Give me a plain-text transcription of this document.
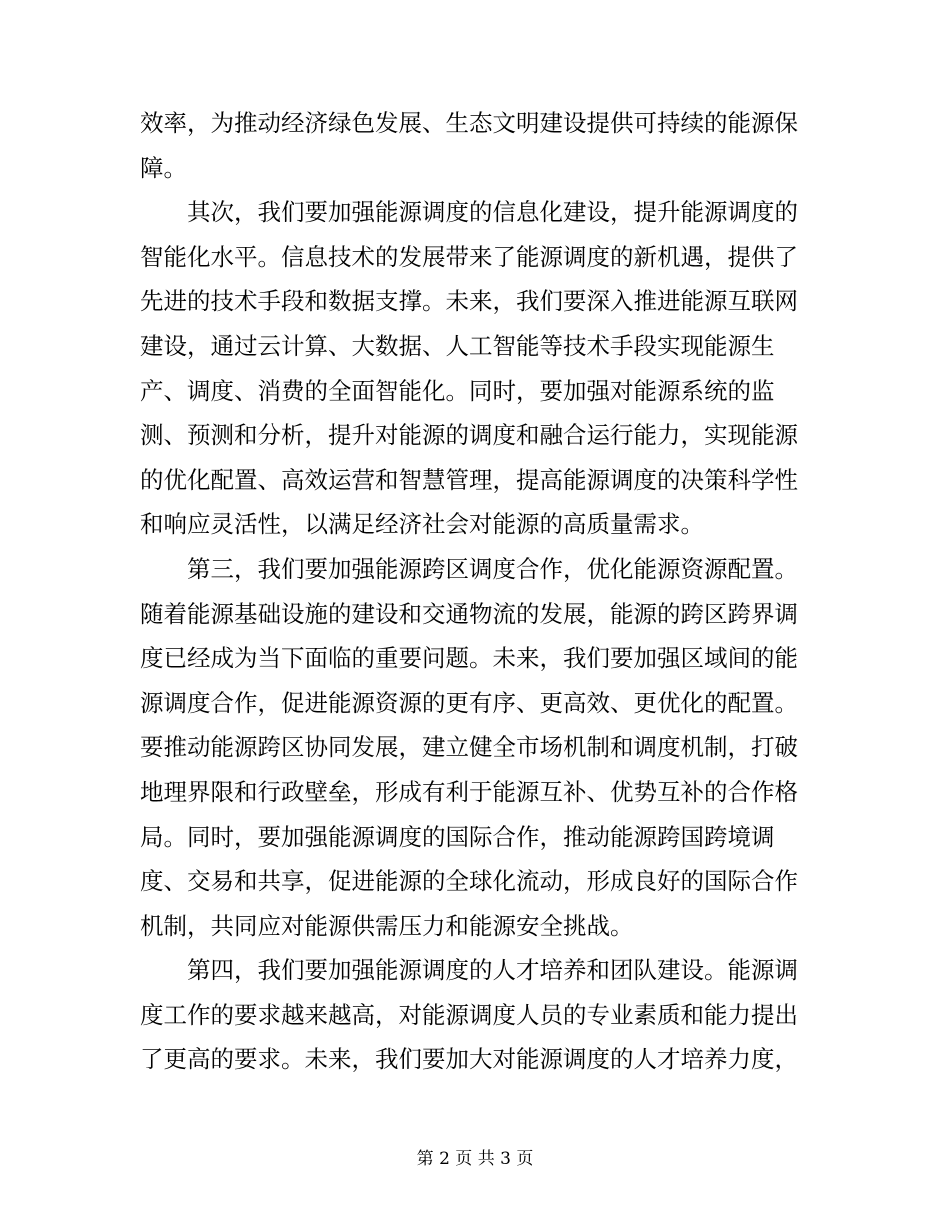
效率，为推动经济绿色发展、生态文明建设提供可持续的能源保
障。
其次，我们要加强能源调度的信息化建设，提升能源调度的
智能化水平。信息技术的发展带来了能源调度的新机遇，提供了
先进的技术手段和数据支撑。未来，我们要深入推进能源互联网
建设，通过云计算、大数据、人工智能等技术手段实现能源生
产、调度、消费的全面智能化。同时，要加强对能源系统的监
测、预测和分析，提升对能源的调度和融合运行能力，实现能源
的优化配置、高效运营和智慧管理，提高能源调度的决策科学性
和响应灵活性，以满足经济社会对能源的高质量需求。
第三，我们要加强能源跨区调度合作，优化能源资源配置。
随着能源基础设施的建设和交通物流的发展，能源的跨区跨界调
度已经成为当下面临的重要问题。未来，我们要加强区域间的能
源调度合作，促进能源资源的更有序、更高效、更优化的配置。
要推动能源跨区协同发展，建立健全市场机制和调度机制，打破
地理界限和行政壁垒，形成有利于能源互补、优势互补的合作格
局。同时，要加强能源调度的国际合作，推动能源跨国跨境调
度、交易和共享，促进能源的全球化流动，形成良好的国际合作
机制，共同应对能源供需压力和能源安全挑战。
第四，我们要加强能源调度的人才培养和团队建设。能源调
度工作的要求越来越高，对能源调度人员的专业素质和能力提出
了更高的要求。未来，我们要加大对能源调度的人才培养力度，
第 2 页 共 3 页
